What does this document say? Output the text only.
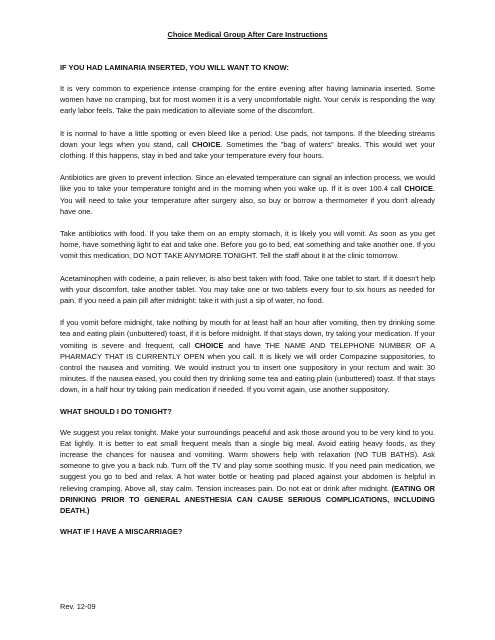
Choice Medical Group After Care Instructions
IF YOU HAD LAMINARIA INSERTED, YOU WILL WANT TO KNOW:

It is very common to experience intense cramping for the entire evening after having laminaria inserted. Some women have no cramping, but for most women it is a very uncomfortable night. Your cervix is responding the way early labor feels. Take the pain medication to alleviate some of the discomfort.

It is normal to have a little spotting or even bleed like a period. Use pads, not tampons. If the bleeding streams down your legs when you stand, call CHOICE. Sometimes the "bag of waters" breaks. This would wet your clothing. If this happens, stay in bed and take your temperature every four hours.

Antibiotics are given to prevent infection. Since an elevated temperature can signal an infection process, we would like you to take your temperature tonight and in the morning when you wake up. If it is over 100.4 call CHOICE. You will need to take your temperature after surgery also, so buy or borrow a thermometer if you don't already have one.

Take antibiotics with food. If you take them on an empty stomach, it is likely you will vomit. As soon as you get home, have something light to eat and take one. Before you go to bed, eat something and take another one. If you vomit this medication, DO NOT TAKE ANYMORE TONIGHT. Tell the staff about it at the clinic tomorrow.

Acetaminophen with codeine, a pain reliever, is also best taken with food. Take one tablet to start. If it doesn't help with your discomfort, take another tablet. You may take one or two tablets every four to six hours as needed for pain. If you need a pain pill after midnight: take it with just a sip of water, no food.

If you vomit before midnight, take nothing by mouth for at least half an hour after vomiting, then try drinking some tea and eating plain (unbuttered) toast, if it is before midnight. If that stays down, try taking your medication. If your vomiting is severe and frequent, call CHOICE and have THE NAME AND TELEPHONE NUMBER OF A PHARMACY THAT IS CURRENTLY OPEN when you call. It is likely we will order Compazine suppositories, to control the nausea and vomiting. We would instruct you to insert one suppository in your rectum and wait: 30 minutes. If the nausea eased, you could then try drinking some tea and eating plain (unbuttered) toast. If that stays down, in a half hour try taking pain medication if needed. If you vomit again, use another suppository.

WHAT SHOULD I DO TONIGHT?

We suggest you relax tonight. Make your surroundings peaceful and ask those around you to be very kind to you. Eat lightly. It is better to eat small frequent meals than a single big meal. Avoid eating heavy foods, as they increase the chances for nausea and vomiting. Warm showers help with relaxation (NO TUB BATHS). Ask someone to give you a back rub. Turn off the TV and play some soothing music. If you need pain medication, we suggest you go to bed and relax. A hot water bottle or heating pad placed against your abdomen is helpful in relieving cramping. Above all, stay calm. Tension increases pain. Do not eat or drink after midnight. (EATING OR DRINKING PRIOR TO GENERAL ANESTHESIA CAN CAUSE SERIOUS COMPLICATIONS, INCLUDING DEATH.)

WHAT IF I HAVE A MISCARRIAGE?
Rev. 12-09
